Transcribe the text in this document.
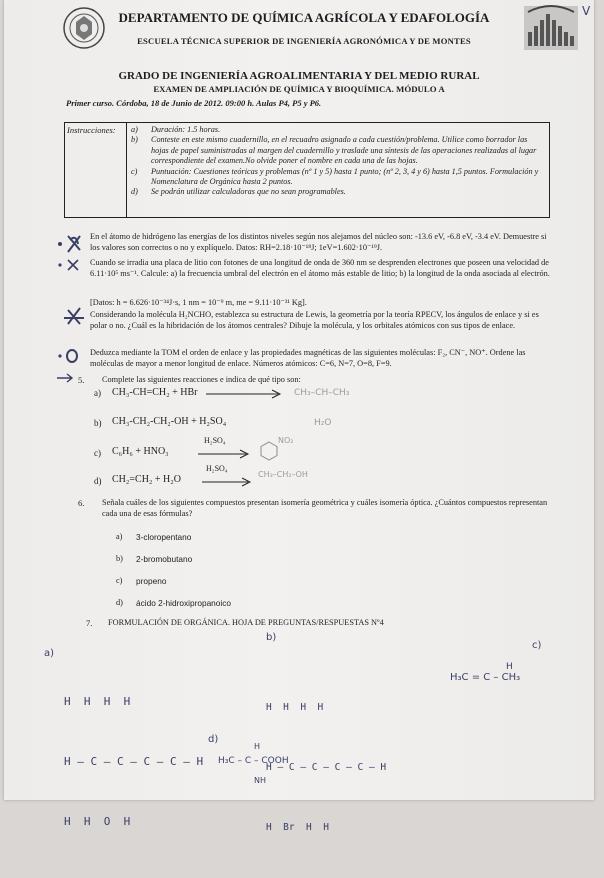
DEPARTAMENTO DE QUÍMICA AGRÍCOLA Y EDAFOLOGÍA
ESCUELA TÉCNICA SUPERIOR DE INGENIERÍA AGRONÓMICA Y DE MONTES
GRADO DE INGENIERÍA AGROALIMENTARIA Y DEL MEDIO RURAL
EXAMEN DE AMPLIACIÓN DE QUÍMICA Y BIOQUÍMICA. MÓDULO A
Primer curso. Córdoba, 18 de Junio de 2012. 09:00 h. Aulas P4, P5 y P6.
Instrucciones:	a)	Duración: 1.5 horas.
b)	Conteste en este mismo cuadernillo, en el recuadro asignado a cada cuestión/problema. Utilice como borrador las hojas de papel suministradas al margen del cuadernillo y traslade una síntesis de las operaciones realizadas al lugar correspondiente del examen.No olvide poner el nombre en cada una de las hojas.
c)	Puntuación: Cuestiones teóricas y problemas (nº 1 y 5) hasta 1 punto; (nº 2, 3, 4 y 6) hasta 1,5 puntos. Formulación y Nomenclatura de Orgánica hasta 2 puntos.
d)	Se podrán utilizar calculadoras que no sean programables.
En el átomo de hidrógeno las energías de los distintos niveles según nos alejamos del núcleo son: -13.6 eV, -6.8 eV, -3.4 eV. Demuestre si los valores son correctos o no y explíquelo. Datos: RH=2.18·10⁻¹⁸J; 1eV=1.602·10⁻¹⁹J.
Cuando se irradia una placa de litio con fotones de una longitud de onda de 360 nm se desprenden electrones que poseen una velocidad de 6.11·10⁵ ms⁻¹. Calcule: a) la frecuencia umbral del electrón en el átomo más estable de litio; b) la longitud de la onda asociada al electrón.
[Datos: h = 6.626·10⁻³⁴J·s, 1 nm = 10⁻⁹ m, me = 9.11·10⁻³¹ Kg].
Considerando la molécula H₂NCHO, establezca su estructura de Lewis, la geometría por la teoría RPECV, los ángulos de enlace y si es polar o no. ¿Cuál es la hibridación de los átomos centrales? Dibuje la molécula, y los orbitales atómicos con sus tipos de enlace.
Deduzca mediante la TOM el orden de enlace y las propiedades magnéticas de las siguientes moléculas: F₂, CN⁻, NO⁺. Ordene las moléculas de mayor a menor longitud de enlace. Números atómicos: C=6, N=7, O=8, F=9.
5. Complete las siguientes reacciones e indica de qué tipo son:
a) CH₃-CH=CH₂ + HBr
b) CH₃-CH₂-CH₂-OH + H₂SO₄
c) C₆H₆ + HNO₃
H₂SO₄
d) CH₂=CH₂ + H₂O
H₂SO₄
CH₃–CH–CH₃
H₂O
NO₂
CH₃–CH₂–OH
6. Señala cuáles de los siguientes compuestos presentan isomería geométrica y cuáles isomería óptica. ¿Cuántos compuestos representan cada una de esas fórmulas?
a) 3-cloropentano
b) 2-bromobutano
c) propeno
d) ácido 2-hidroxipropanoico
7. FORMULACIÓN DE ORGÁNICA. HOJA DE PREGUNTAS/RESPUESTAS Nº4
a)

H  H  H  H

H – C – C – C – C – H

H  H  O  H

b)

H  H  H  H

H – C – C – C – C – H

H  Br  H  H

c)
H₃C = C – CH₃
H
d)
H₃C – C – COOH
H
NH
V
